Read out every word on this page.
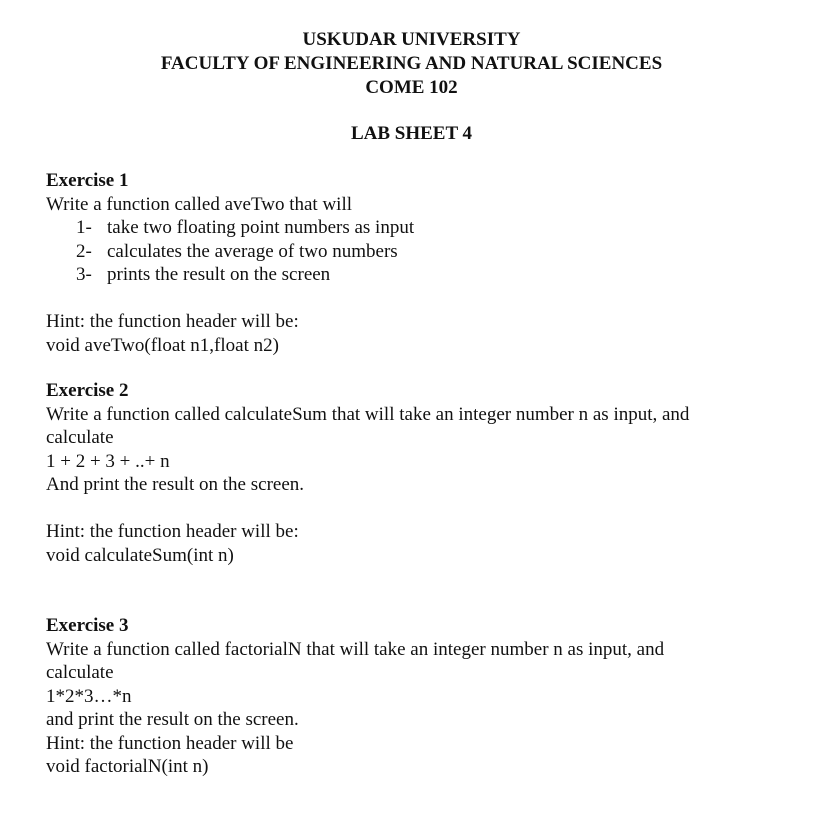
USKUDAR UNIVERSITY
FACULTY OF ENGINEERING AND NATURAL SCIENCES
COME 102
LAB SHEET 4
Exercise 1
Write a function called aveTwo that will
1- take two floating point numbers as input
2- calculates the average of two numbers
3- prints the result on the screen
Hint: the function header will be:
void aveTwo(float n1,float n2)
Exercise 2
Write a function called calculateSum that will take an integer number n as input, and
calculate
1 + 2 + 3 + ..+ n
And print the result on the screen.
Hint: the function header will be:
void calculateSum(int n)
Exercise 3
Write a function called factorialN that will take an integer number n as input, and
calculate
1*2*3…*n
and print the result on the screen.
Hint: the function header will be
void factorialN(int n)
